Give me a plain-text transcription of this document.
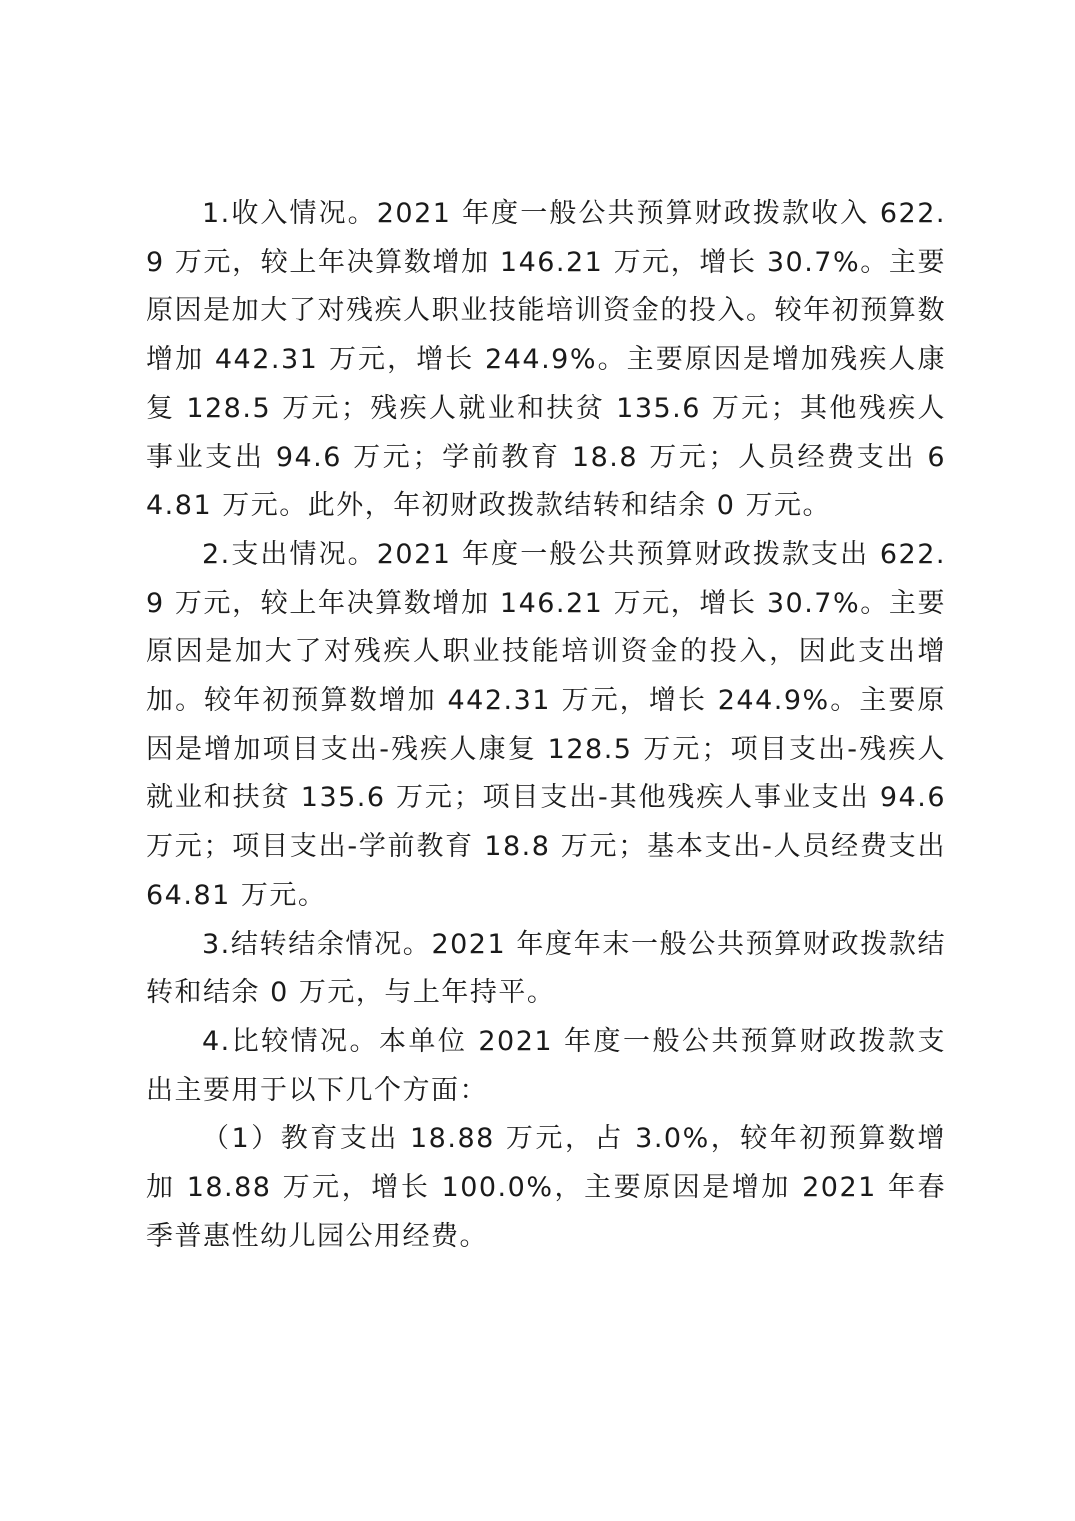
1.收入情况。2021 年度一般公共预算财政拨款收入 622.9 万元，较上年决算数增加 146.21 万元，增长 30.7%。主要原因是加大了对残疾人职业技能培训资金的投入。较年初预算数增加 442.31 万元，增长 244.9%。主要原因是增加残疾人康复 128.5 万元；残疾人就业和扶贫 135.6 万元；其他残疾人事业支出 94.6 万元；学前教育 18.8 万元；人员经费支出 64.81 万元。此外，年初财政拨款结转和结余 0 万元。

2.支出情况。2021 年度一般公共预算财政拨款支出 622.9 万元，较上年决算数增加 146.21 万元，增长 30.7%。主要原因是加大了对残疾人职业技能培训资金的投入，因此支出增加。较年初预算数增加 442.31 万元，增长 244.9%。主要原因是增加项目支出-残疾人康复 128.5 万元；项目支出-残疾人就业和扶贫 135.6 万元；项目支出-其他残疾人事业支出 94.6 万元；项目支出-学前教育 18.8 万元；基本支出-人员经费支出 64.81 万元。

3.结转结余情况。2021 年度年末一般公共预算财政拨款结转和结余 0 万元，与上年持平。

4.比较情况。本单位 2021 年度一般公共预算财政拨款支出主要用于以下几个方面：

（1）教育支出 18.88 万元，占 3.0%，较年初预算数增加 18.88 万元，增长 100.0%，主要原因是增加 2021 年春季普惠性幼儿园公用经费。
